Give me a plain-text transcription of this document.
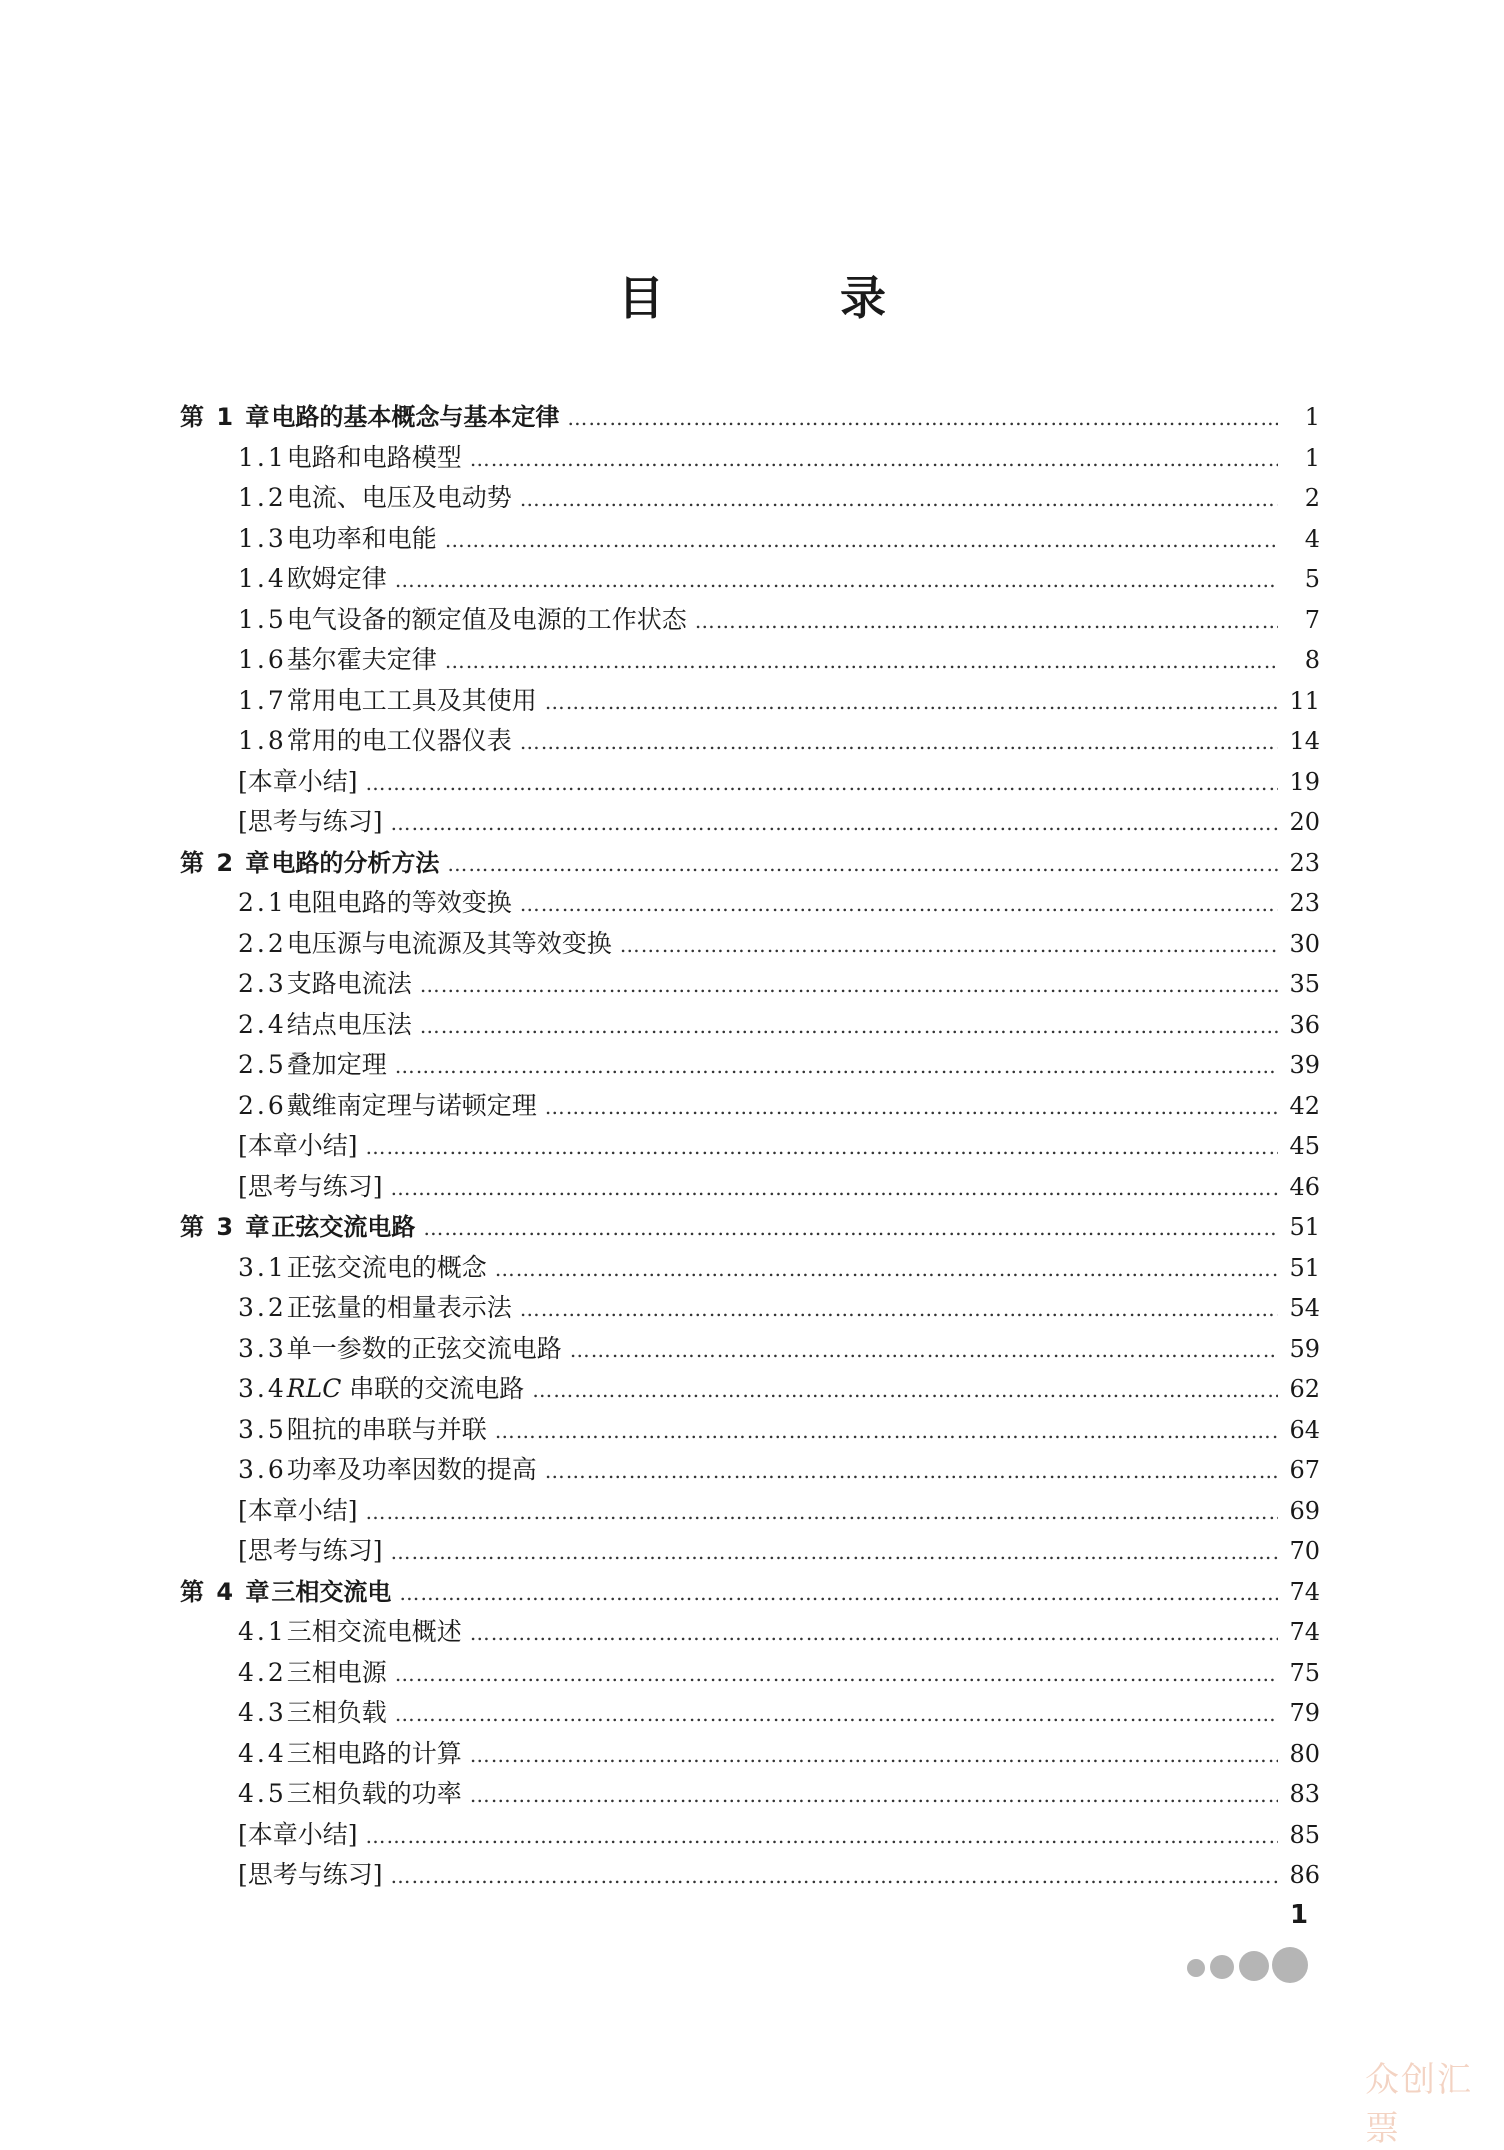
目 录
第 1 章 电路的基本概念与基本定律 ………………………………………………………………………………………………………………………………………………………………………………………………………………	1
1.1 电路和电路模型 ………………………………………………………………………………………………………………………………………………………………………………………………………………	1
1.2 电流、电压及电动势 ………………………………………………………………………………………………………………………………………………………………………………………………………………	2
1.3 电功率和电能 ………………………………………………………………………………………………………………………………………………………………………………………………………………	4
1.4 欧姆定律 ………………………………………………………………………………………………………………………………………………………………………………………………………………	5
1.5 电气设备的额定值及电源的工作状态 ………………………………………………………………………………………………………………………………………………………………………………………………………………	7
1.6 基尔霍夫定律 ………………………………………………………………………………………………………………………………………………………………………………………………………………	8
1.7 常用电工工具及其使用 ………………………………………………………………………………………………………………………………………………………………………………………………………………	11
1.8 常用的电工仪器仪表 ………………………………………………………………………………………………………………………………………………………………………………………………………………	14
[本章小结] ………………………………………………………………………………………………………………………………………………………………………………………………………………	19
[思考与练习] ………………………………………………………………………………………………………………………………………………………………………………………………………………	20
第 2 章 电路的分析方法 ………………………………………………………………………………………………………………………………………………………………………………………………………………	23
2.1 电阻电路的等效变换 ………………………………………………………………………………………………………………………………………………………………………………………………………………	23
2.2 电压源与电流源及其等效变换 ………………………………………………………………………………………………………………………………………………………………………………………………………………	30
2.3 支路电流法 ………………………………………………………………………………………………………………………………………………………………………………………………………………	35
2.4 结点电压法 ………………………………………………………………………………………………………………………………………………………………………………………………………………	36
2.5 叠加定理 ………………………………………………………………………………………………………………………………………………………………………………………………………………	39
2.6 戴维南定理与诺顿定理 ………………………………………………………………………………………………………………………………………………………………………………………………………………	42
[本章小结] ………………………………………………………………………………………………………………………………………………………………………………………………………………	45
[思考与练习] ………………………………………………………………………………………………………………………………………………………………………………………………………………	46
第 3 章 正弦交流电路 ………………………………………………………………………………………………………………………………………………………………………………………………………………	51
3.1 正弦交流电的概念 ………………………………………………………………………………………………………………………………………………………………………………………………………………	51
3.2 正弦量的相量表示法 ………………………………………………………………………………………………………………………………………………………………………………………………………………	54
3.3 单一参数的正弦交流电路 ………………………………………………………………………………………………………………………………………………………………………………………………………………	59
3.4 RLC 串联的交流电路 ………………………………………………………………………………………………………………………………………………………………………………………………………………	62
3.5 阻抗的串联与并联 ………………………………………………………………………………………………………………………………………………………………………………………………………………	64
3.6 功率及功率因数的提高 ………………………………………………………………………………………………………………………………………………………………………………………………………………	67
[本章小结] ………………………………………………………………………………………………………………………………………………………………………………………………………………	69
[思考与练习] ………………………………………………………………………………………………………………………………………………………………………………………………………………	70
第 4 章 三相交流电 ………………………………………………………………………………………………………………………………………………………………………………………………………………	74
4.1 三相交流电概述 ………………………………………………………………………………………………………………………………………………………………………………………………………………	74
4.2 三相电源 ………………………………………………………………………………………………………………………………………………………………………………………………………………	75
4.3 三相负载 ………………………………………………………………………………………………………………………………………………………………………………………………………………	79
4.4 三相电路的计算 ………………………………………………………………………………………………………………………………………………………………………………………………………………	80
4.5 三相负载的功率 ………………………………………………………………………………………………………………………………………………………………………………………………………………	83
[本章小结] ………………………………………………………………………………………………………………………………………………………………………………………………………………	85
[思考与练习] ………………………………………………………………………………………………………………………………………………………………………………………………………………	86
1
众创汇票
